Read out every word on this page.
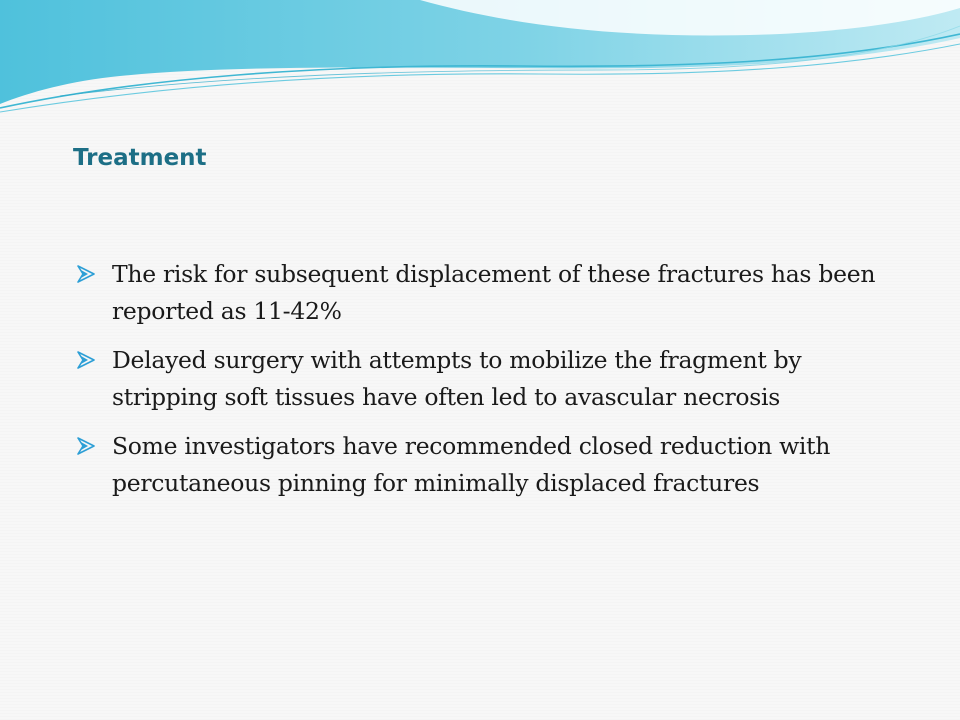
Treatment
The risk for subsequent displacement of these fractures has been reported as 11-42%
Delayed surgery with attempts to mobilize the fragment by stripping soft tissues have often led to avascular necrosis
Some investigators have recommended closed reduction with percutaneous pinning for minimally displaced fractures
